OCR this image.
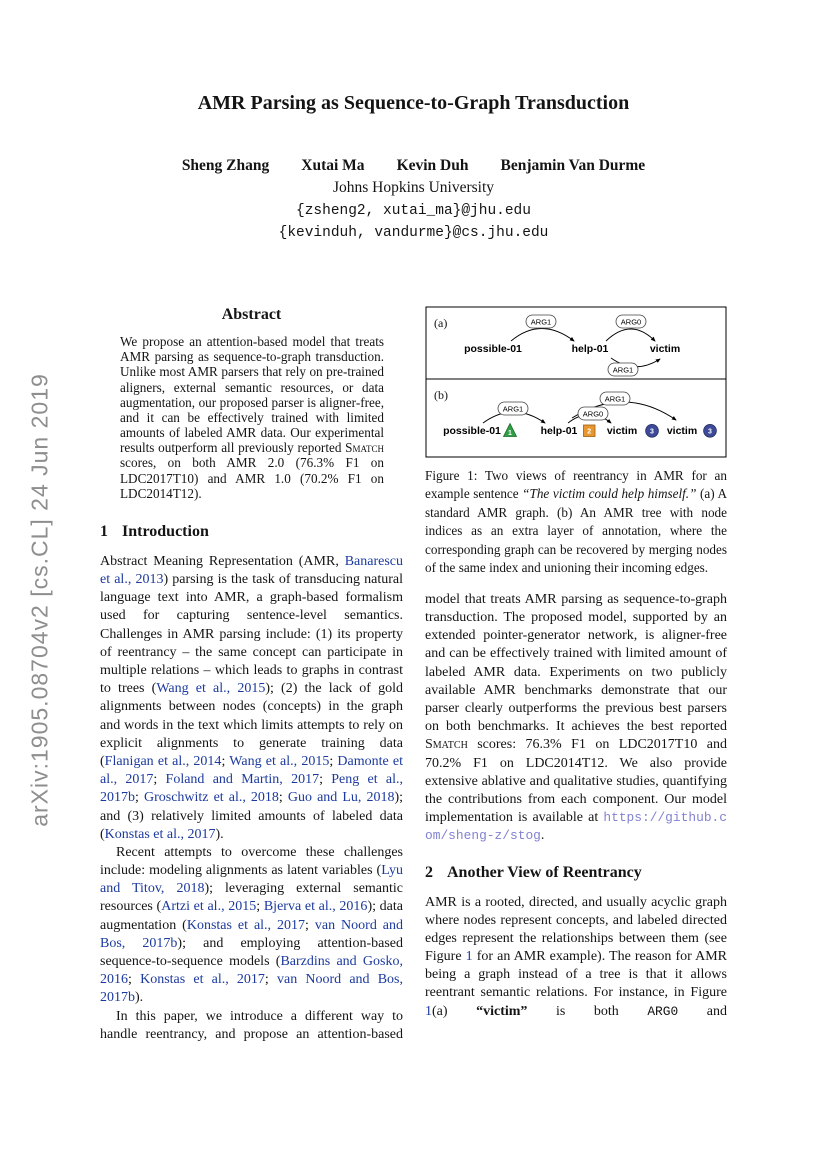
arXiv:1905.08704v2 [cs.CL] 24 Jun 2019
AMR Parsing as Sequence-to-Graph Transduction
Sheng Zhang Xutai Ma Kevin Duh Benjamin Van Durme
Johns Hopkins University
{zsheng2, xutai_ma}@jhu.edu
{kevinduh, vandurme}@cs.jhu.edu
Abstract

We propose an attention-based model that treats AMR parsing as sequence-to-graph transduction. Unlike most AMR parsers that rely on pre-trained aligners, external semantic resources, or data augmentation, our proposed parser is aligner-free, and it can be effectively trained with limited amounts of labeled AMR data. Our experimental results outperform all previously reported Smatch scores, on both AMR 2.0 (76.3% F1 on LDC2017T10) and AMR 1.0 (70.2% F1 on LDC2014T12).

1 Introduction

Abstract Meaning Representation (AMR, Banarescu et al., 2013) parsing is the task of transducing natural language text into AMR, a graph-based formalism used for capturing sentence-level semantics. Challenges in AMR parsing include: (1) its property of reentrancy – the same concept can participate in multiple relations – which leads to graphs in contrast to trees (Wang et al., 2015); (2) the lack of gold alignments between nodes (concepts) in the graph and words in the text which limits attempts to rely on explicit alignments to generate training data (Flanigan et al., 2014; Wang et al., 2015; Damonte et al., 2017; Foland and Martin, 2017; Peng et al., 2017b; Groschwitz et al., 2018; Guo and Lu, 2018); and (3) relatively limited amounts of labeled data (Konstas et al., 2017).

Recent attempts to overcome these challenges include: modeling alignments as latent variables (Lyu and Titov, 2018); leveraging external semantic resources (Artzi et al., 2015; Bjerva et al., 2016); data augmentation (Konstas et al., 2017; van Noord and Bos, 2017b); and employing attention-based sequence-to-sequence models (Barzdins and Gosko, 2016; Konstas et al., 2017; van Noord and Bos, 2017b).

In this paper, we introduce a different way to handle reentrancy, and propose an attention-based

(a)
(b)
ARG1	ARG0
ARG1
possible-01	help-01	victim
ARG1
ARG0
ARG1
possible-01	help-01	victim	victim
1	2	3	3

Figure 1: Two views of reentrancy in AMR for an example sentence “The victim could help himself.” (a) A standard AMR graph. (b) An AMR tree with node indices as an extra layer of annotation, where the corresponding graph can be recovered by merging nodes of the same index and unioning their incoming edges.

model that treats AMR parsing as sequence-to-graph transduction. The proposed model, supported by an extended pointer-generator network, is aligner-free and can be effectively trained with limited amount of labeled AMR data. Experiments on two publicly available AMR benchmarks demonstrate that our parser clearly outperforms the previous best parsers on both benchmarks. It achieves the best reported Smatch scores: 76.3% F1 on LDC2017T10 and 70.2% F1 on LDC2014T12. We also provide extensive ablative and qualitative studies, quantifying the contributions from each component. Our model implementation is available at https://github.com/sheng-z/stog.

2 Another View of Reentrancy

AMR is a rooted, directed, and usually acyclic graph where nodes represent concepts, and labeled directed edges represent the relationships between them (see Figure 1 for an AMR example). The reason for AMR being a graph instead of a tree is that it allows reentrant semantic relations. For instance, in Figure 1(a) “victim” is both ARG0 and
